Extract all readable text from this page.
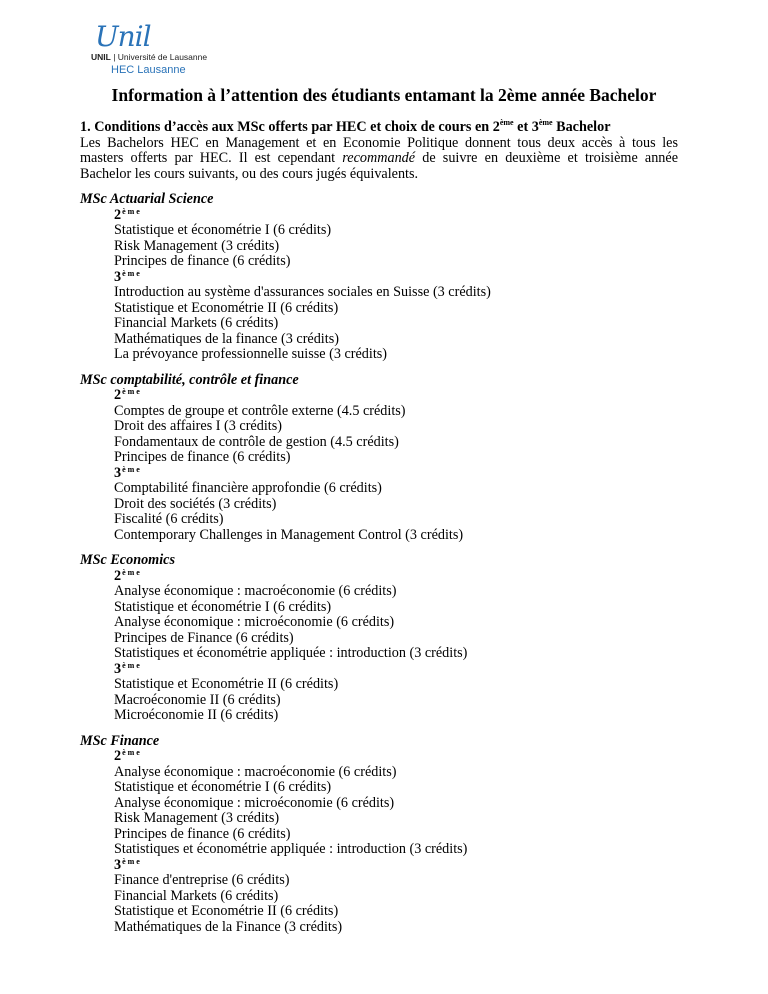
Unil
UNIL | Université de Lausanne
HEC Lausanne
Information à l’attention des étudiants entamant la 2ème année Bachelor
1. Conditions d’accès aux MSc offerts par HEC et choix de cours en 2ème et 3ème Bachelor

Les Bachelors HEC en Management et en Economie Politique donnent tous deux accès à tous les masters offerts par HEC. Il est cependant recommandé de suivre en deuxième et troisième année Bachelor les cours suivants, ou des cours jugés équivalents.

MSc Actuarial Science
2ème
Statistique et économétrie I (6 crédits)
Risk Management (3 crédits)
Principes de finance (6 crédits)
3ème
Introduction au système d'assurances sociales en Suisse (3 crédits)
Statistique et Econométrie II (6 crédits)
Financial Markets (6 crédits)
Mathématiques de la finance (3 crédits)
La prévoyance professionnelle suisse (3 crédits)
MSc comptabilité, contrôle et finance
2ème
Comptes de groupe et contrôle externe (4.5 crédits)
Droit des affaires I (3 crédits)
Fondamentaux de contrôle de gestion (4.5 crédits)
Principes de finance (6 crédits)
3ème
Comptabilité financière approfondie (6 crédits)
Droit des sociétés (3 crédits)
Fiscalité (6 crédits)
Contemporary Challenges in Management Control (3 crédits)
MSc Economics
2ème
Analyse économique : macroéconomie (6 crédits)
Statistique et économétrie I (6 crédits)
Analyse économique : microéconomie (6 crédits)
Principes de Finance (6 crédits)
Statistiques et économétrie appliquée : introduction (3 crédits)
3ème
Statistique et Econométrie II (6 crédits)
Macroéconomie II (6 crédits)
Microéconomie II (6 crédits)
MSc Finance
2ème
Analyse économique : macroéconomie (6 crédits)
Statistique et économétrie I (6 crédits)
Analyse économique : microéconomie (6 crédits)
Risk Management (3 crédits)
Principes de finance (6 crédits)
Statistiques et économétrie appliquée : introduction (3 crédits)
3ème
Finance d'entreprise (6 crédits)
Financial Markets (6 crédits)
Statistique et Econométrie II (6 crédits)
Mathématiques de la Finance (3 crédits)
